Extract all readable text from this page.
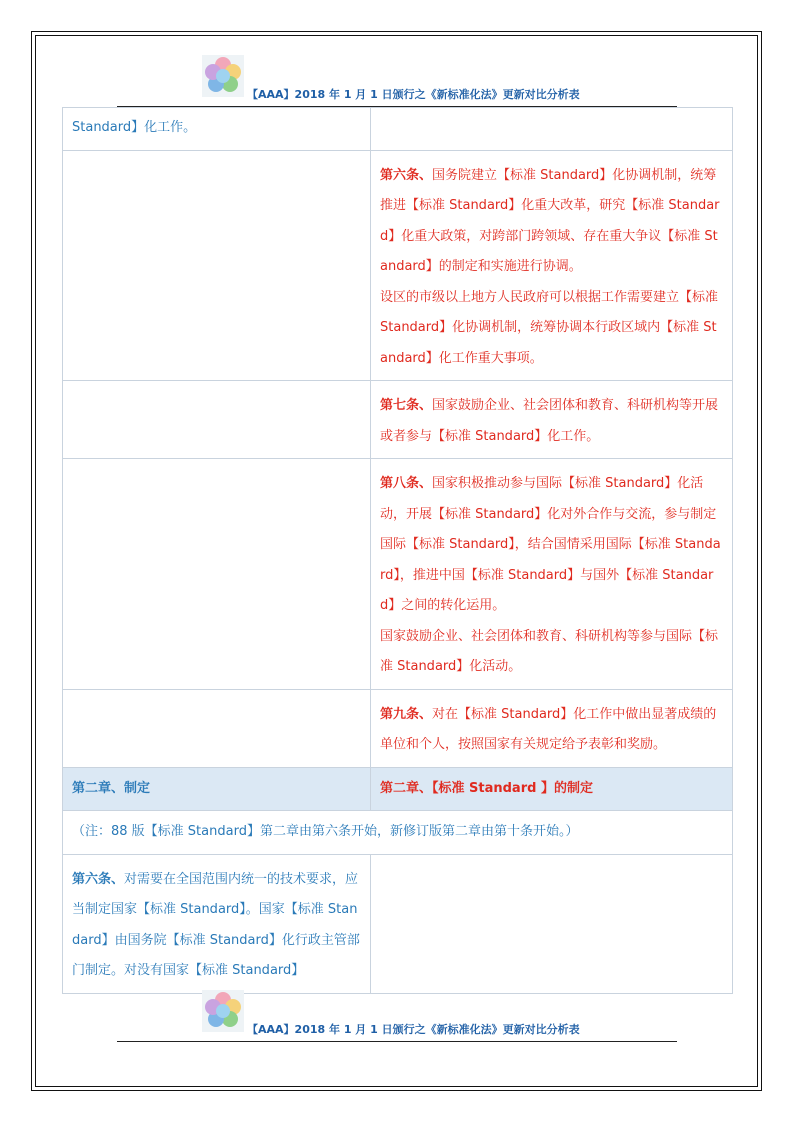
【AAA】2018 年 1 月 1 日颁行之《新标准化法》更新对比分析表
Standard】化工作。	

	第六条、国务院建立【标准 Standard】化协调机制，统筹推进【标准 Standard】化重大改革，研究【标准 Standard】化重大政策，对跨部门跨领域、存在重大争议【标准 Standard】的制定和实施进行协调。

设区的市级以上地方人民政府可以根据工作需要建立【标准 Standard】化协调机制，统筹协调本行政区域内【标准 Standard】化工作重大事项。

	第七条、国家鼓励企业、社会团体和教育、科研机构等开展或者参与【标准 Standard】化工作。

	第八条、国家积极推动参与国际【标准 Standard】化活动，开展【标准 Standard】化对外合作与交流，参与制定国际【标准 Standard】，结合国情采用国际【标准 Standard】，推进中国【标准 Standard】与国外【标准 Standard】之间的转化运用。

国家鼓励企业、社会团体和教育、科研机构等参与国际【标准 Standard】化活动。

	第九条、对在【标准 Standard】化工作中做出显著成绩的单位和个人，按照国家有关规定给予表彰和奖励。

第二章、制定	第二章、【标准 Standard 】的制定
（注：88 版【标准 Standard】第二章由第六条开始，新修订版第二章由第十条开始。）	

第六条、对需要在全国范围内统一的技术要求，应当制定国家【标准 Standard】。国家【标准 Standard】由国务院【标准 Standard】化行政主管部门制定。对没有国家【标准 Standard】	

【AAA】2018 年 1 月 1 日颁行之《新标准化法》更新对比分析表
